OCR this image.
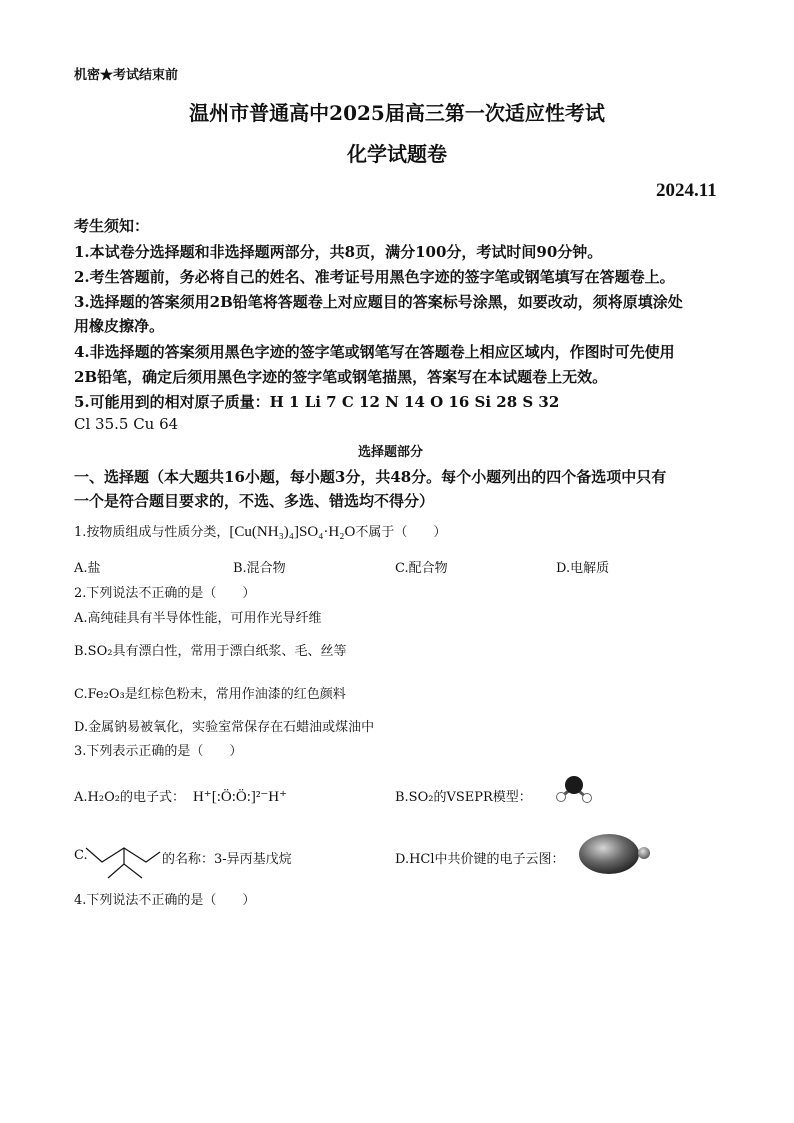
机密★考试结束前
温州市普通高中2025届高三第一次适应性考试
化学试题卷
2024.11
考生须知：
1.本试卷分选择题和非选择题两部分，共8页，满分100分，考试时间90分钟。
2.考生答题前，务必将自己的姓名、准考证号用黑色字迹的签字笔或钢笔填写在答题卷上。
3.选择题的答案须用2B铅笔将答题卷上对应题目的答案标号涂黑，如要改动，须将原填涂处
用橡皮擦净。
4.非选择题的答案须用黑色字迹的签字笔或钢笔写在答题卷上相应区域内，作图时可先使用
2B铅笔，确定后须用黑色字迹的签字笔或钢笔描黑，答案写在本试题卷上无效。
5.可能用到的相对原子质量：H 1 Li 7 C 12 N 14 O 16 Si 28 S 32
Cl 35.5 Cu 64
选择题部分
一、选择题（本大题共16小题，每小题3分，共48分。每个小题列出的四个备选项中只有
一个是符合题目要求的，不选、多选、错选均不得分）
1.按物质组成与性质分类，[Cu(NH₃)₄]SO₄·H₂O不属于（　　）
A.盐	B.混合物	C.配合物	D.电解质
2.下列说法不正确的是（　　）
A.高纯硅具有半导体性能，可用作光导纤维
B.SO₂具有漂白性，常用于漂白纸浆、毛、丝等
C.Fe₂O₃是红棕色粉末，常用作油漆的红色颜料
D.金属钠易被氧化，实验室常保存在石蜡油或煤油中
3.下列表示正确的是（　　）
A.H₂O₂的电子式： H⁺[:Ö:Ö:]²⁻H⁺	B.SO₂的VSEPR模型：
C.	的名称：3-异丙基戊烷	D.HCl中共价键的电子云图：
4.下列说法不正确的是（　　）
